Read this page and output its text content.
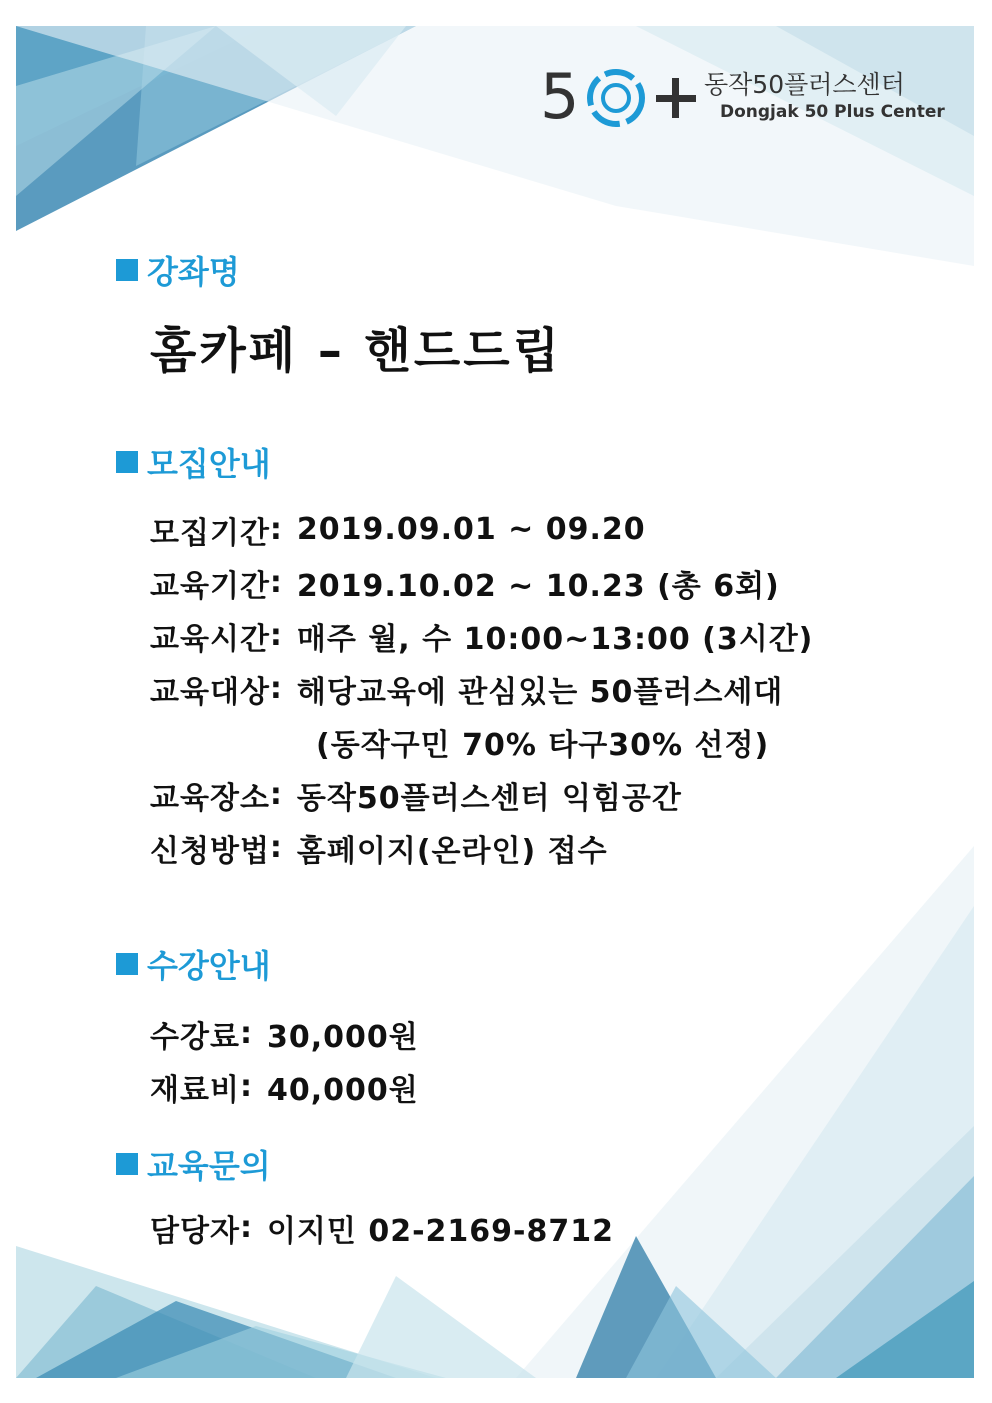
5	동작50플러스센터
Dongjak 50 Plus Center
강좌명
홈카페 – 핸드드립
모집안내
모집기간 : 2019.09.01 ~ 09.20
교육기간 : 2019.10.02 ~ 10.23 (총 6회)
교육시간 : 매주 월, 수 10:00~13:00 (3시간)
교육대상 : 해당교육에 관심있는 50플러스세대
(동작구민 70% 타구30% 선정)
교육장소 : 동작50플러스센터 익힘공간
신청방법 : 홈페이지(온라인) 접수
수강안내
수강료 : 30,000원
재료비 : 40,000원
교육문의
담당자 : 이지민 02-2169-8712
